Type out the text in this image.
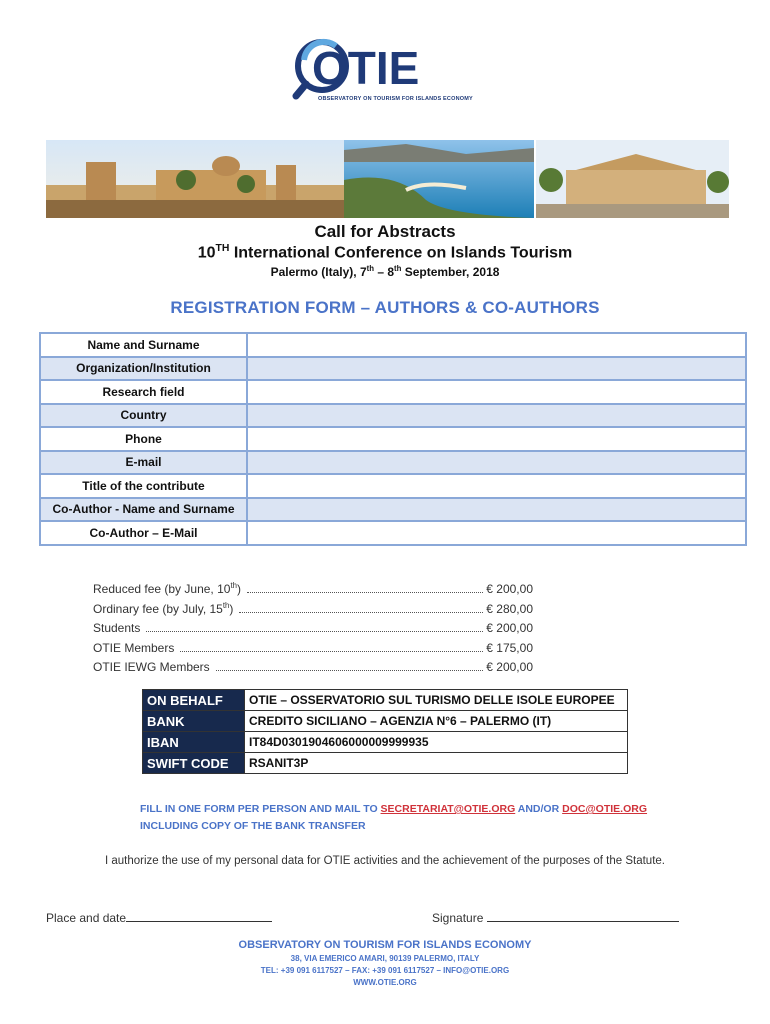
OTIE
OBSERVATORY ON TOURISM FOR ISLANDS ECONOMY
Call for Abstracts
10TH International Conference on Islands Tourism
Palermo (Italy), 7th – 8th September, 2018
REGISTRATION FORM – AUTHORS & CO-AUTHORS
Name and Surname	
Organization/Institution	
Research field	
Country	
Phone	
E-mail	
Title of the contribute	
Co-Author - Name and Surname	
Co-Author – E-Mail	
Reduced fee (by June, 10th)	€ 200,00
Ordinary fee (by July, 15th)	€ 280,00
Students	€ 200,00
OTIE Members	€ 175,00
OTIE IEWG Members	€ 200,00
ON BEHALF	OTIE – OSSERVATORIO SUL TURISMO DELLE ISOLE EUROPEE
BANK	CREDITO SICILIANO – AGENZIA N°6 – PALERMO (IT)
IBAN	IT84D0301904606000009999935
SWIFT CODE	RSANIT3P
FILL IN ONE FORM PER PERSON AND MAIL TO SECRETARIAT@OTIE.ORG AND/OR DOC@OTIE.ORG
INCLUDING COPY OF THE BANK TRANSFER
I authorize the use of my personal data for OTIE activities and the achievement of the purposes of the Statute.
Place and date	Signature
OBSERVATORY ON TOURISM FOR ISLANDS ECONOMY
38, VIA EMERICO AMARI, 90139 PALERMO, ITALY
TEL: +39 091 6117527 – FAX: +39 091 6117527 – INFO@OTIE.ORG
WWW.OTIE.ORG
